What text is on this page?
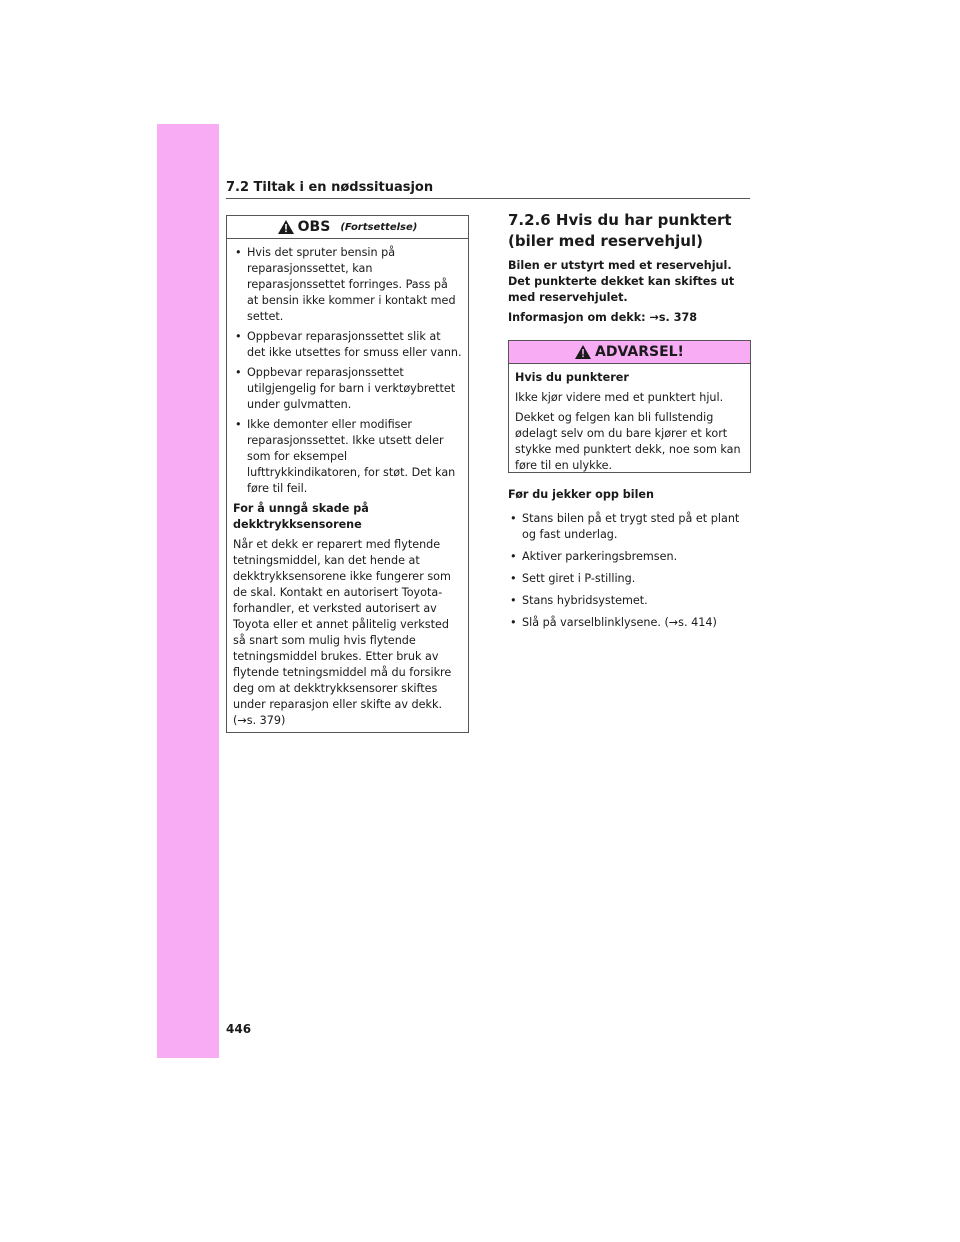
7.2 Tiltak i en nødssituasjon
OBS (Fortsettelse)
• Hvis det spruter bensin på reparasjonssettet, kan reparasjonssettet forringes. Pass på at bensin ikke kommer i kontakt med settet.
• Oppbevar reparasjonssettet slik at det ikke utsettes for smuss eller vann.
• Oppbevar reparasjonssettet utilgjengelig for barn i verktøybrettet under gulvmatten.
• Ikke demonter eller modifiser reparasjonssettet. Ikke utsett deler som for eksempel lufttrykkindikatoren, for støt. Det kan føre til feil.
For å unngå skade på dekktrykksensorene
Når et dekk er reparert med flytende tetningsmiddel, kan det hende at dekktrykksensorene ikke fungerer som de skal. Kontakt en autorisert Toyota-forhandler, et verksted autorisert av Toyota eller et annet pålitelig verksted så snart som mulig hvis flytende tetningsmiddel brukes. Etter bruk av flytende tetningsmiddel må du forsikre deg om at dekktrykksensorer skiftes under reparasjon eller skifte av dekk. (→s. 379)
7.2.6 Hvis du har punktert (biler med reservehjul)
Bilen er utstyrt med et reservehjul. Det punkterte dekket kan skiftes ut med reservehjulet.
Informasjon om dekk: →s. 378
ADVARSEL!
Hvis du punkterer
Ikke kjør videre med et punktert hjul.
Dekket og felgen kan bli fullstendig ødelagt selv om du bare kjører et kort stykke med punktert dekk, noe som kan føre til en ulykke.
Før du jekker opp bilen
• Stans bilen på et trygt sted på et plant og fast underlag.
• Aktiver parkeringsbremsen.
• Sett giret i P-stilling.
• Stans hybridsystemet.
• Slå på varselblinklysene. (→s. 414)
446
